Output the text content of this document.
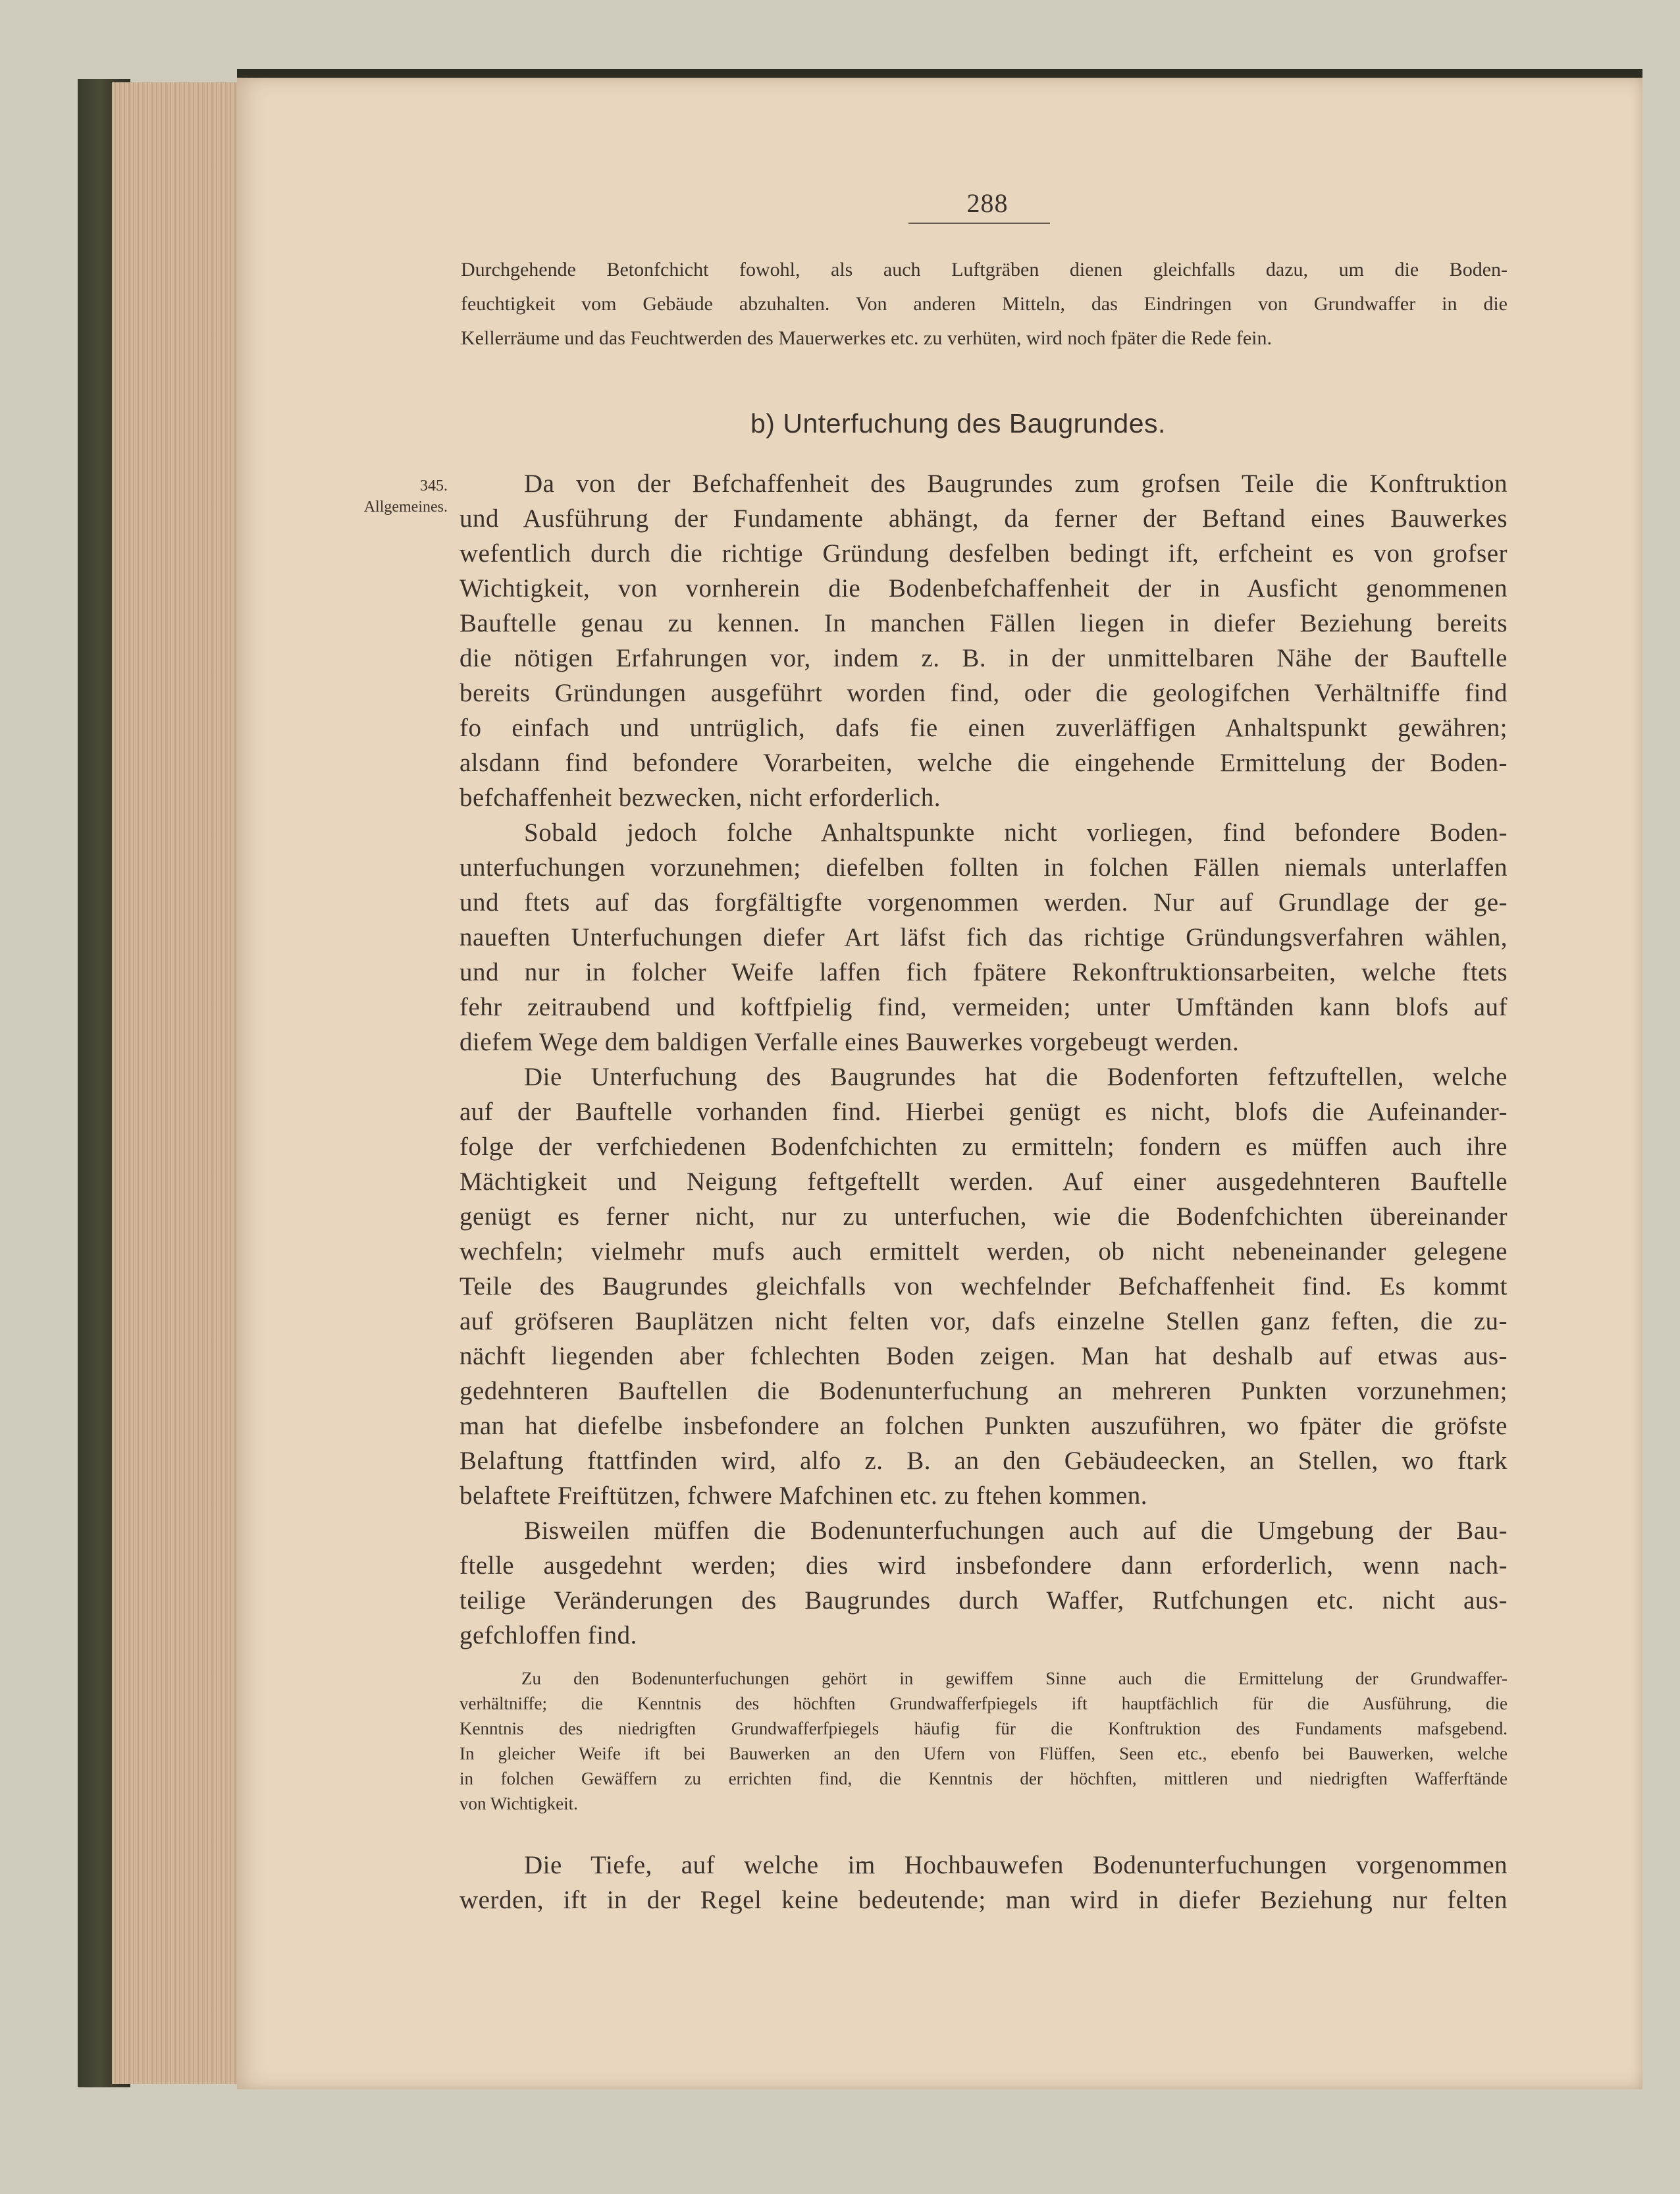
288
Durchgehende Betonfchicht fowohl, als auch Luftgräben dienen gleichfalls dazu, um die Boden-
feuchtigkeit vom Gebäude abzuhalten. Von anderen Mitteln, das Eindringen von Grundwaffer in die
Kellerräume und das Feuchtwerden des Mauerwerkes etc. zu verhüten, wird noch fpäter die Rede fein.
b) Unterfuchung des Baugrundes.
345.
Allgemeines.
Da von der Befchaffenheit des Baugrundes zum grofsen Teile die Konftruktion
und Ausführung der Fundamente abhängt, da ferner der Beftand eines Bauwerkes
wefentlich durch die richtige Gründung desfelben bedingt ift, erfcheint es von grofser
Wichtigkeit, von vornherein die Bodenbefchaffenheit der in Ausficht genommenen
Bauftelle genau zu kennen. In manchen Fällen liegen in diefer Beziehung bereits
die nötigen Erfahrungen vor, indem z. B. in der unmittelbaren Nähe der Bauftelle
bereits Gründungen ausgeführt worden find, oder die geologifchen Verhältniffe find
fo einfach und untrüglich, dafs fie einen zuverläffigen Anhaltspunkt gewähren;
alsdann find befondere Vorarbeiten, welche die eingehende Ermittelung der Boden-
befchaffenheit bezwecken, nicht erforderlich.
Sobald jedoch folche Anhaltspunkte nicht vorliegen, find befondere Boden-
unterfuchungen vorzunehmen; diefelben follten in folchen Fällen niemals unterlaffen
und ftets auf das forgfältigfte vorgenommen werden. Nur auf Grundlage der ge-
naueften Unterfuchungen diefer Art läfst fich das richtige Gründungsverfahren wählen,
und nur in folcher Weife laffen fich fpätere Rekonftruktionsarbeiten, welche ftets
fehr zeitraubend und koftfpielig find, vermeiden; unter Umftänden kann blofs auf
diefem Wege dem baldigen Verfalle eines Bauwerkes vorgebeugt werden.
Die Unterfuchung des Baugrundes hat die Bodenforten feftzuftellen, welche
auf der Bauftelle vorhanden find. Hierbei genügt es nicht, blofs die Aufeinander-
folge der verfchiedenen Bodenfchichten zu ermitteln; fondern es müffen auch ihre
Mächtigkeit und Neigung feftgeftellt werden. Auf einer ausgedehnteren Bauftelle
genügt es ferner nicht, nur zu unterfuchen, wie die Bodenfchichten übereinander
wechfeln; vielmehr mufs auch ermittelt werden, ob nicht nebeneinander gelegene
Teile des Baugrundes gleichfalls von wechfelnder Befchaffenheit find. Es kommt
auf gröfseren Bauplätzen nicht felten vor, dafs einzelne Stellen ganz feften, die zu-
nächft liegenden aber fchlechten Boden zeigen. Man hat deshalb auf etwas aus-
gedehnteren Bauftellen die Bodenunterfuchung an mehreren Punkten vorzunehmen;
man hat diefelbe insbefondere an folchen Punkten auszuführen, wo fpäter die gröfste
Belaftung ftattfinden wird, alfo z. B. an den Gebäudeecken, an Stellen, wo ftark
belaftete Freiftützen, fchwere Mafchinen etc. zu ftehen kommen.
Bisweilen müffen die Bodenunterfuchungen auch auf die Umgebung der Bau-
ftelle ausgedehnt werden; dies wird insbefondere dann erforderlich, wenn nach-
teilige Veränderungen des Baugrundes durch Waffer, Rutfchungen etc. nicht aus-
gefchloffen find.
Zu den Bodenunterfuchungen gehört in gewiffem Sinne auch die Ermittelung der Grundwaffer-
verhältniffe; die Kenntnis des höchften Grundwafferfpiegels ift hauptfächlich für die Ausführung, die
Kenntnis des niedrigften Grundwafferfpiegels häufig für die Konftruktion des Fundaments mafsgebend.
In gleicher Weife ift bei Bauwerken an den Ufern von Flüffen, Seen etc., ebenfo bei Bauwerken, welche
in folchen Gewäffern zu errichten find, die Kenntnis der höchften, mittleren und niedrigften Wafferftände
von Wichtigkeit.
Die Tiefe, auf welche im Hochbauwefen Bodenunterfuchungen vorgenommen
werden, ift in der Regel keine bedeutende; man wird in diefer Beziehung nur felten
